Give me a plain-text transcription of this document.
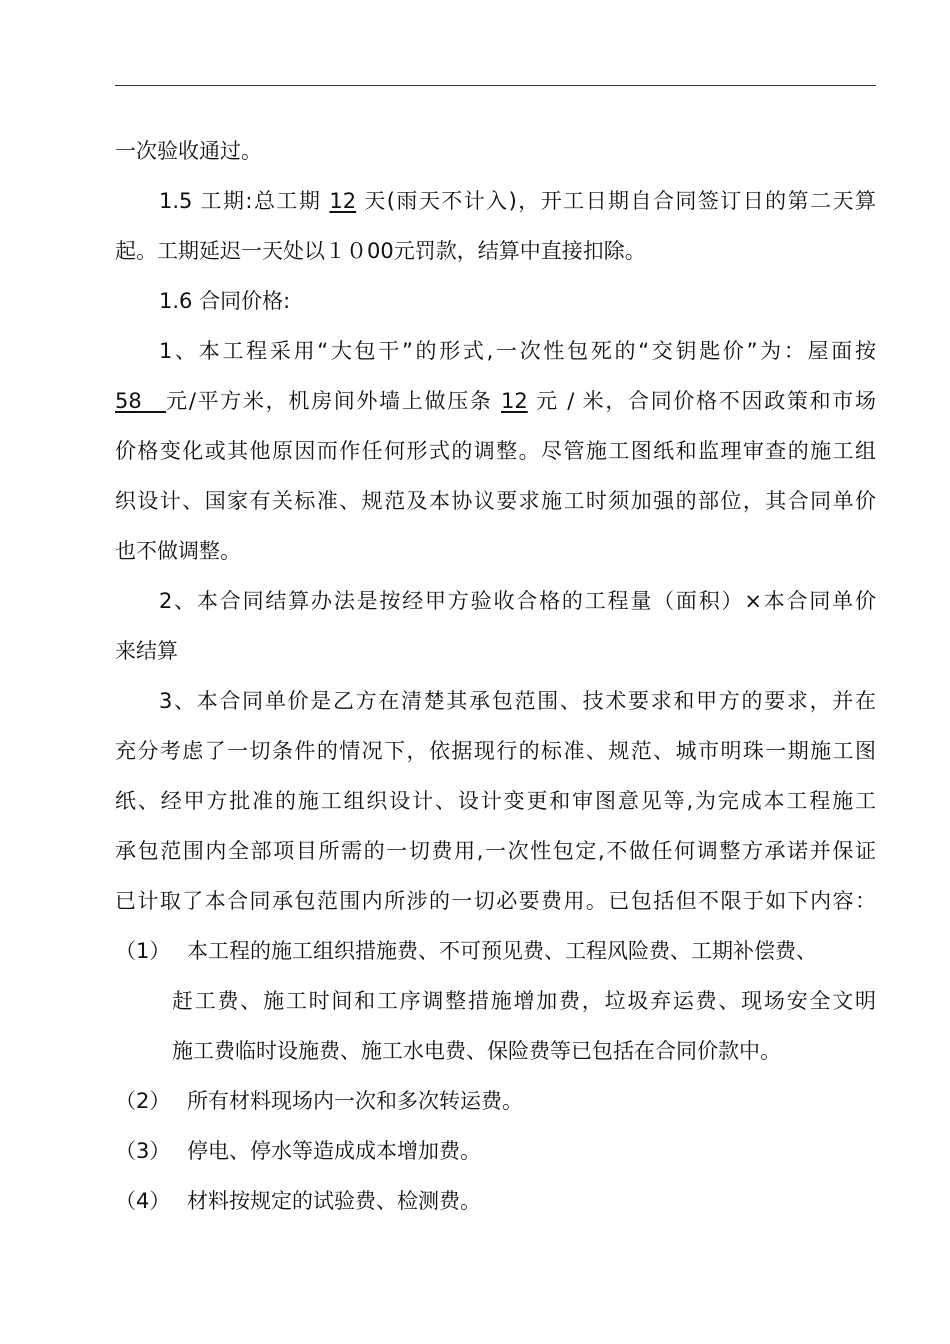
一次验收通过。
1.5 工期:总工期 12 天(雨天不计入)，开工日期自合同签订日的第二天算
起。工期延迟一天处以１０00元罚款，结算中直接扣除。
1.6 合同价格:
1、本工程采用“大包干”的形式,一次性包死的“交钥匙价”为：屋面按
58　元/平方米，机房间外墙上做压条 12 元 / 米，合同价格不因政策和市场
价格变化或其他原因而作任何形式的调整。尽管施工图纸和监理审查的施工组
织设计、国家有关标准、规范及本协议要求施工时须加强的部位，其合同单价
也不做调整。
2、本合同结算办法是按经甲方验收合格的工程量（面积）×本合同单价
来结算
3、本合同单价是乙方在清楚其承包范围、技术要求和甲方的要求，并在
充分考虑了一切条件的情况下，依据现行的标准、规范、城市明珠一期施工图
纸、经甲方批准的施工组织设计、设计变更和审图意见等,为完成本工程施工
承包范围内全部项目所需的一切费用,一次性包定,不做任何调整方承诺并保证
已计取了本合同承包范围内所涉的一切必要费用。已包括但不限于如下内容：
（1） 本工程的施工组织措施费、不可预见费、工程风险费、工期补偿费、
赶工费、施工时间和工序调整措施增加费，垃圾弃运费、现场安全文明
施工费临时设施费、施工水电费、保险费等已包括在合同价款中。
（2） 所有材料现场内一次和多次转运费。
（3） 停电、停水等造成成本增加费。
（4） 材料按规定的试验费、检测费。
